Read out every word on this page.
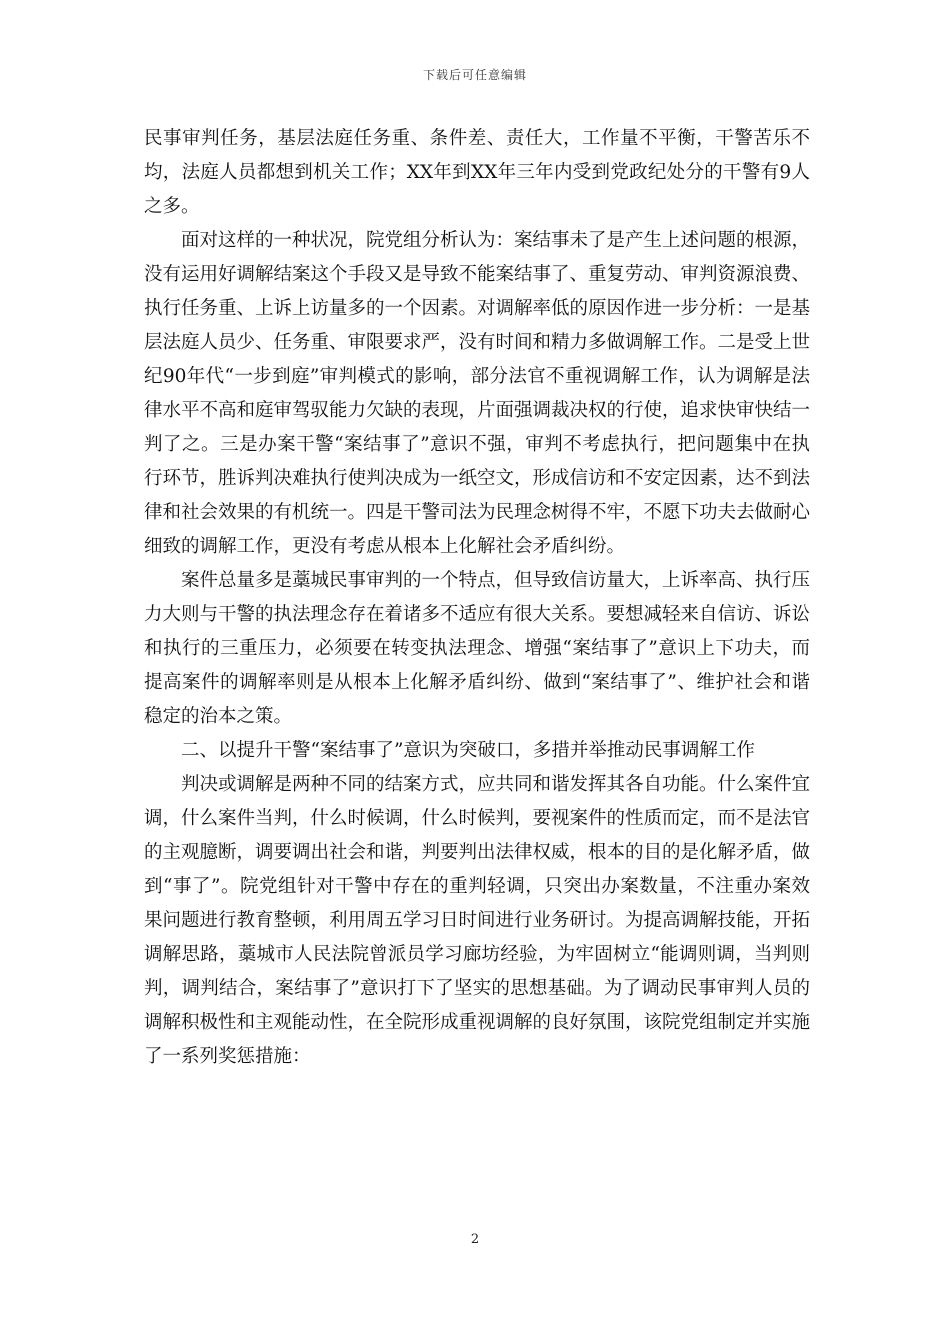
下载后可任意编辑

民事审判任务，基层法庭任务重、条件差、责任大，工作量不平衡，干警苦乐不均，法庭人员都想到机关工作；XX年到XX年三年内受到党政纪处分的干警有9人之多。

面对这样的一种状况，院党组分析认为：案结事未了是产生上述问题的根源，没有运用好调解结案这个手段又是导致不能案结事了、重复劳动、审判资源浪费、执行任务重、上诉上访量多的一个因素。对调解率低的原因作进一步分析：一是基层法庭人员少、任务重、审限要求严，没有时间和精力多做调解工作。二是受上世纪90年代“一步到庭”审判模式的影响，部分法官不重视调解工作，认为调解是法律水平不高和庭审驾驭能力欠缺的表现，片面强调裁决权的行使，追求快审快结一判了之。三是办案干警“案结事了”意识不强，审判不考虑执行，把问题集中在执行环节，胜诉判决难执行使判决成为一纸空文，形成信访和不安定因素，达不到法律和社会效果的有机统一。四是干警司法为民理念树得不牢，不愿下功夫去做耐心细致的调解工作，更没有考虑从根本上化解社会矛盾纠纷。

案件总量多是藁城民事审判的一个特点，但导致信访量大，上诉率高、执行压力大则与干警的执法理念存在着诸多不适应有很大关系。要想减轻来自信访、诉讼和执行的三重压力，必须要在转变执法理念、增强“案结事了”意识上下功夫，而提高案件的调解率则是从根本上化解矛盾纠纷、做到“案结事了”、维护社会和谐稳定的治本之策。

二、以提升干警“案结事了”意识为突破口，多措并举推动民事调解工作

判决或调解是两种不同的结案方式，应共同和谐发挥其各自功能。什么案件宜调，什么案件当判，什么时候调，什么时候判，要视案件的性质而定，而不是法官的主观臆断，调要调出社会和谐，判要判出法律权威，根本的目的是化解矛盾，做到“事了”。院党组针对干警中存在的重判轻调，只突出办案数量，不注重办案效果问题进行教育整顿，利用周五学习日时间进行业务研讨。为提高调解技能，开拓调解思路，藁城市人民法院曾派员学习廊坊经验，为牢固树立“能调则调，当判则判，调判结合，案结事了”意识打下了坚实的思想基础。为了调动民事审判人员的调解积极性和主观能动性，在全院形成重视调解的良好氛围，该院党组制定并实施了一系列奖惩措施：

2
